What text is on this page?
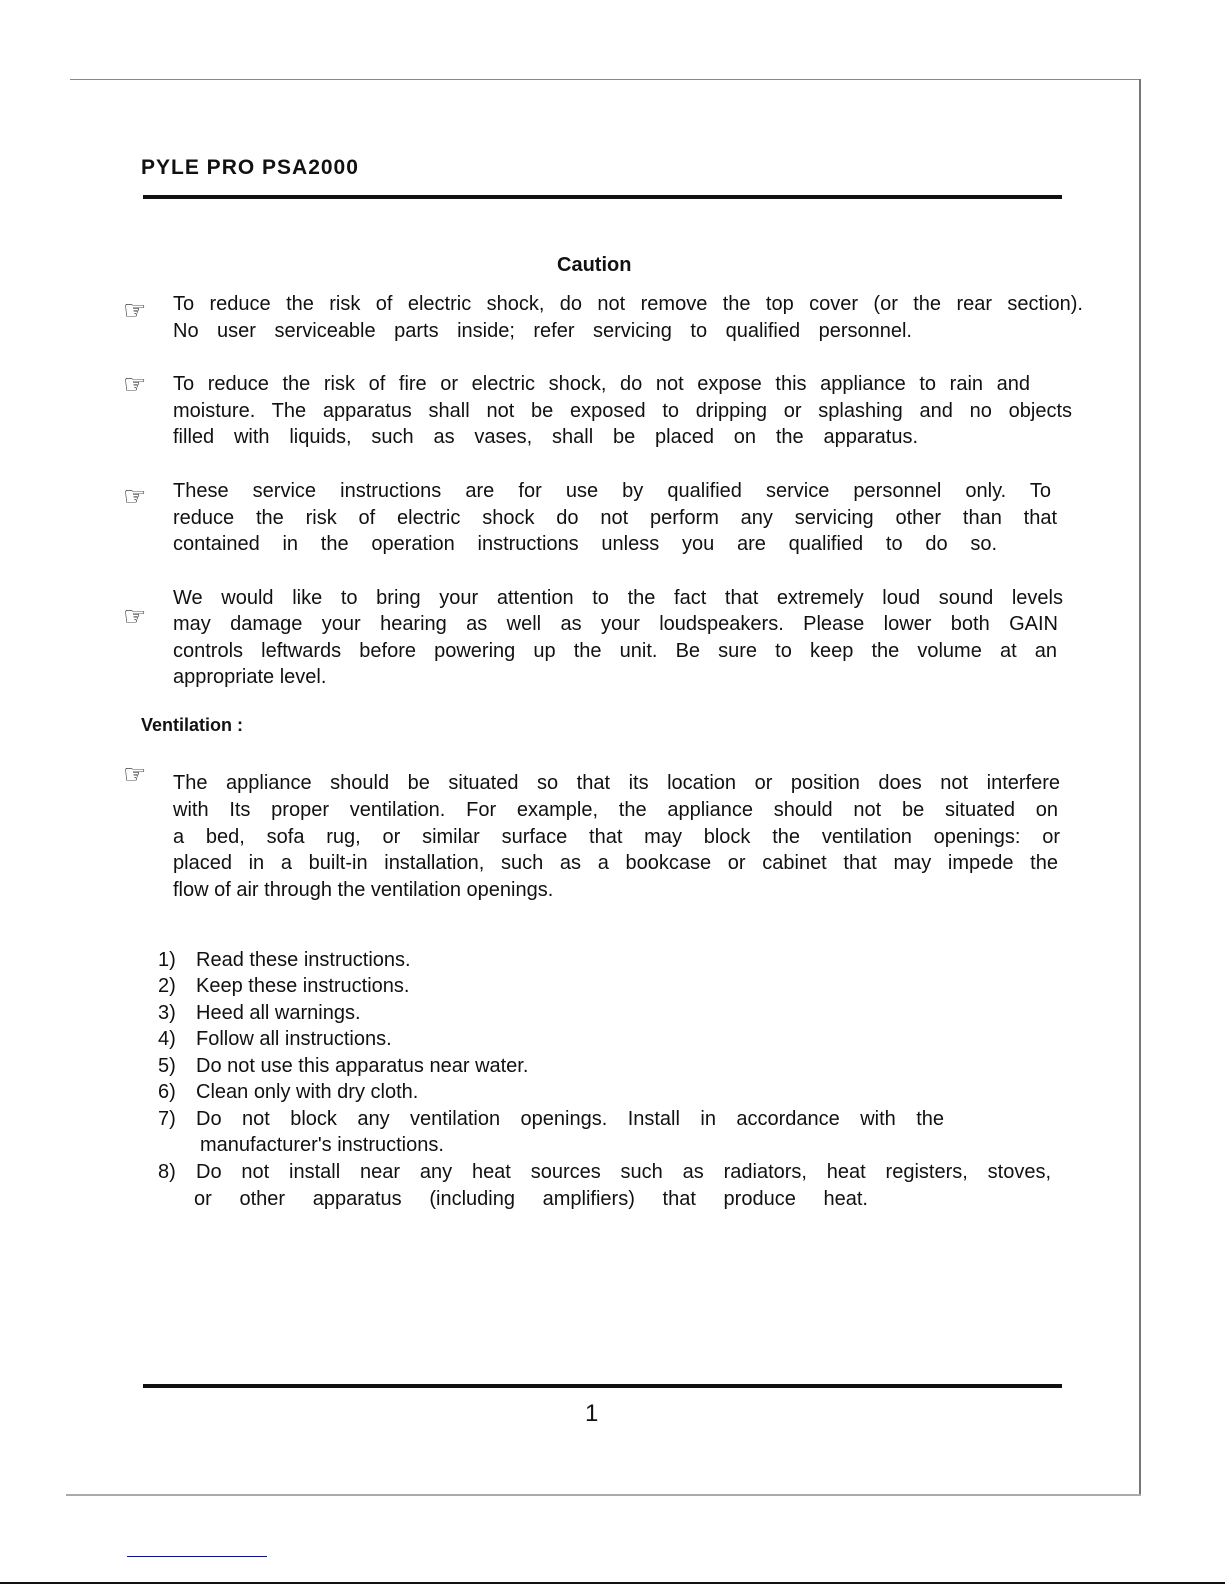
PYLE PRO PSA2000
Caution
☞ To reduce the risk of electric shock, do not remove the top cover (or the rear section).
No user serviceable parts inside; refer servicing to qualified personnel.
☞ To reduce the risk of fire or electric shock, do not expose this appliance to rain and
moisture. The apparatus shall not be exposed to dripping or splashing and no objects
filled with liquids, such as vases, shall be placed on the apparatus.
☞ These service instructions are for use by qualified service personnel only. To
reduce the risk of electric shock do not perform any servicing other than that
contained in the operation instructions unless you are qualified to do so.
☞
We would like to bring your attention to the fact that extremely loud sound levels
may damage your hearing as well as your loudspeakers. Please lower both GAIN
controls leftwards before powering up the unit. Be sure to keep the volume at an
appropriate level.
Ventilation :
☞ The appliance should be situated so that its location or position does not interfere
with Its proper ventilation. For example, the appliance should not be situated on
a bed, sofa rug, or similar surface that may block the ventilation openings: or
placed in a built-in installation, such as a bookcase or cabinet that may impede the
flow of air through the ventilation openings.
1) Read these instructions.
2) Keep these instructions.
3) Heed all warnings.
4) Follow all instructions.
5) Do not use this apparatus near water.
6) Clean only with dry cloth.
7) Do not block any ventilation openings. Install in accordance with the
manufacturer's instructions.
8) Do not install near any heat sources such as radiators, heat registers, stoves,
or other apparatus (including amplifiers) that produce heat.
1
